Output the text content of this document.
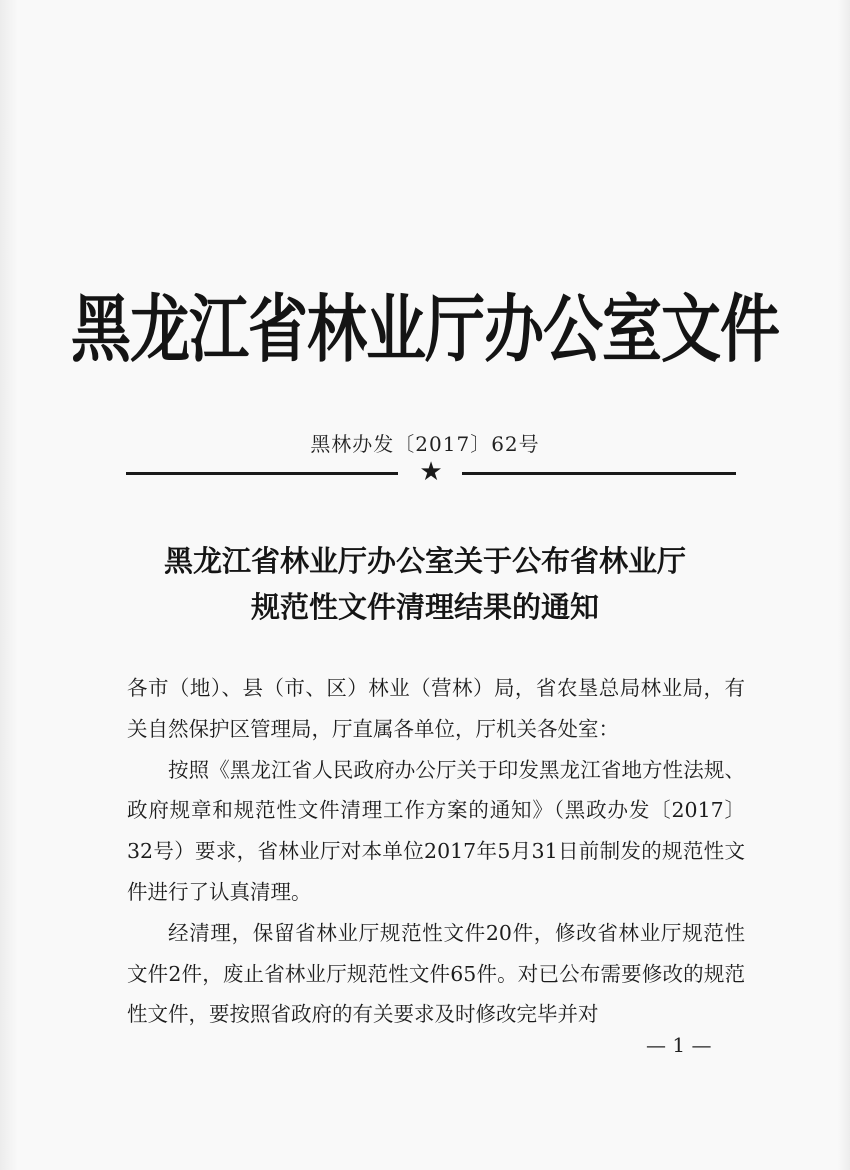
黑龙江省林业厅办公室文件
黑林办发〔2017〕62号
★
黑龙江省林业厅办公室关于公布省林业厅
规范性文件清理结果的通知

各市（地）、县（市、区）林业（营林）局，省农垦总局林业局，有关自然保护区管理局，厅直属各单位，厅机关各处室：

按照《黑龙江省人民政府办公厅关于印发黑龙江省地方性法规、政府规章和规范性文件清理工作方案的通知》（黑政办发〔2017〕32号）要求，省林业厅对本单位2017年5月31日前制发的规范性文件进行了认真清理。

经清理，保留省林业厅规范性文件20件，修改省林业厅规范性文件2件，废止省林业厅规范性文件65件。对已公布需要修改的规范性文件，要按照省政府的有关要求及时修改完毕并对

— 1 —
